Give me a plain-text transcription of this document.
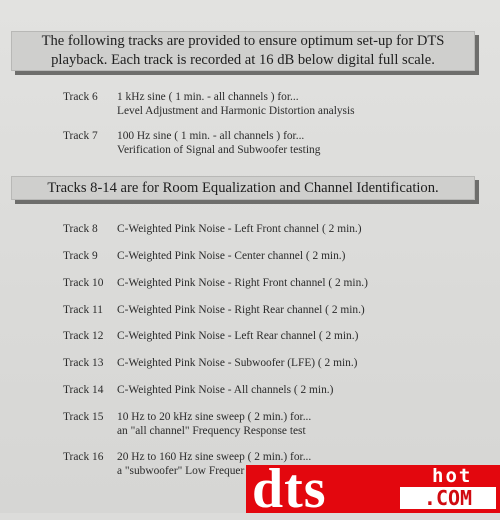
The following tracks are provided to ensure optimum set-up for DTS
playback. Each track is recorded at 16 dB below digital full scale.
Track 6	1 kHz sine ( 1 min. - all channels ) for...
Level Adjustment and Harmonic Distortion analysis
Track 7	100 Hz sine ( 1 min. - all channels ) for...
Verification of Signal and Subwoofer testing
Tracks 8-14 are for Room Equalization and Channel Identification.
Track 8	C-Weighted Pink Noise - Left Front channel ( 2 min.)
Track 9	C-Weighted Pink Noise - Center channel ( 2 min.)
Track 10	C-Weighted Pink Noise - Right Front channel ( 2 min.)
Track 11	C-Weighted Pink Noise - Right Rear channel ( 2 min.)
Track 12	C-Weighted Pink Noise - Left Rear channel ( 2 min.)
Track 13	C-Weighted Pink Noise - Subwoofer (LFE) ( 2 min.)
Track 14	C-Weighted Pink Noise - All channels ( 2 min.)
Track 15	10 Hz to 20 kHz sine sweep ( 2 min.) for...
an "all channel" Frequency Response test
Track 16	20 Hz to 160 Hz sine sweep ( 2 min.) for...
a "subwoofer" Low Frequer dts	hot
.COM
